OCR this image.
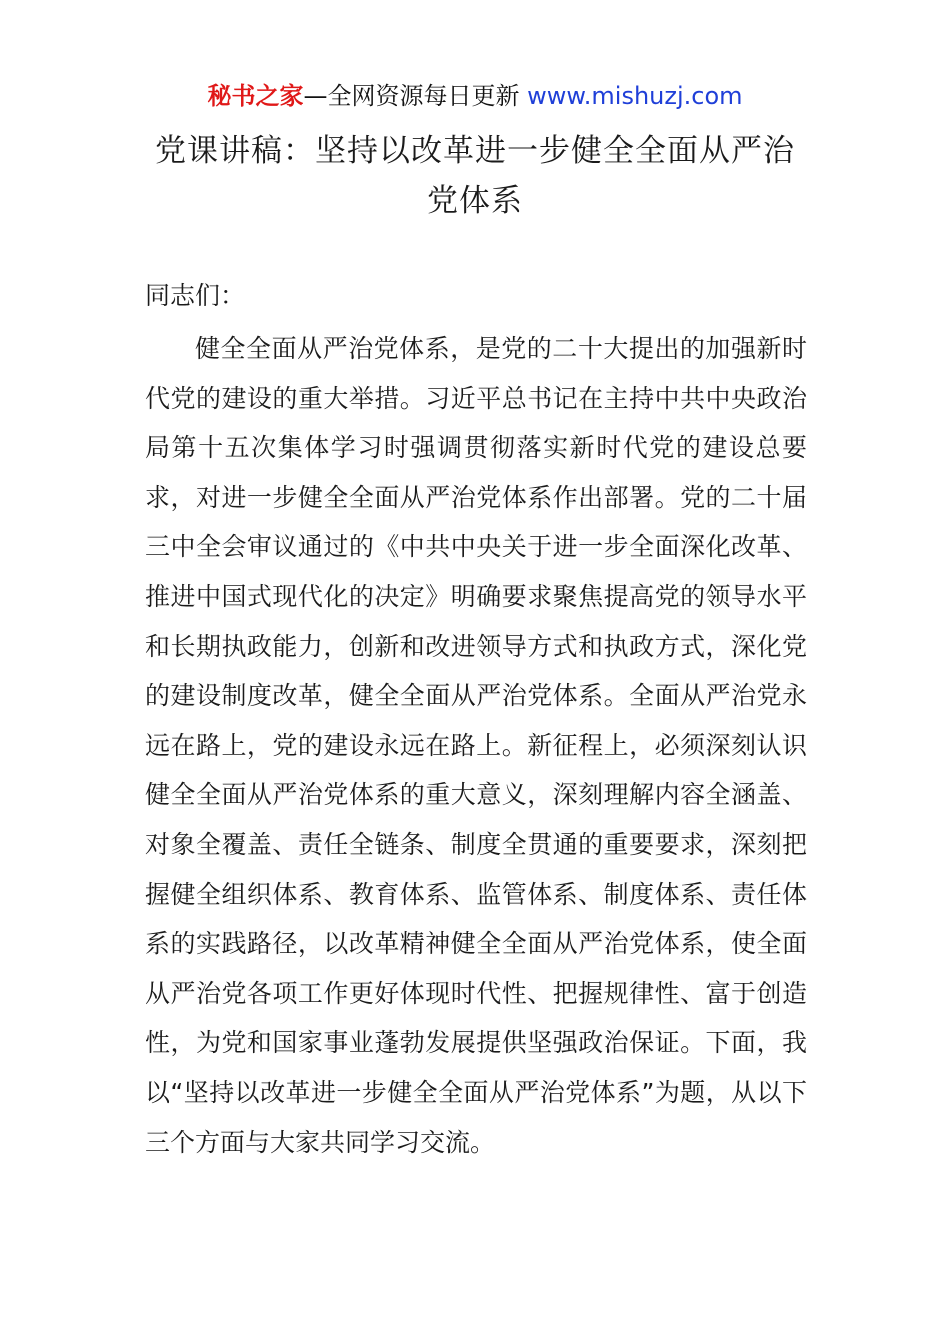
秘书之家—全网资源每日更新 www.mishuzj.com
党课讲稿：坚持以改革进一步健全全面从严治党体系
同志们：

健全全面从严治党体系，是党的二十大提出的加强新时代党的建设的重大举措。习近平总书记在主持中共中央政治局第十五次集体学习时强调贯彻落实新时代党的建设总要求，对进一步健全全面从严治党体系作出部署。党的二十届三中全会审议通过的《中共中央关于进一步全面深化改革、推进中国式现代化的决定》明确要求聚焦提高党的领导水平和长期执政能力，创新和改进领导方式和执政方式，深化党的建设制度改革，健全全面从严治党体系。全面从严治党永远在路上，党的建设永远在路上。新征程上，必须深刻认识健全全面从严治党体系的重大意义，深刻理解内容全涵盖、对象全覆盖、责任全链条、制度全贯通的重要要求，深刻把握健全组织体系、教育体系、监管体系、制度体系、责任体系的实践路径，以改革精神健全全面从严治党体系，使全面从严治党各项工作更好体现时代性、把握规律性、富于创造性，为党和国家事业蓬勃发展提供坚强政治保证。下面，我以“坚持以改革进一步健全全面从严治党体系”为题，从以下三个方面与大家共同学习交流。
